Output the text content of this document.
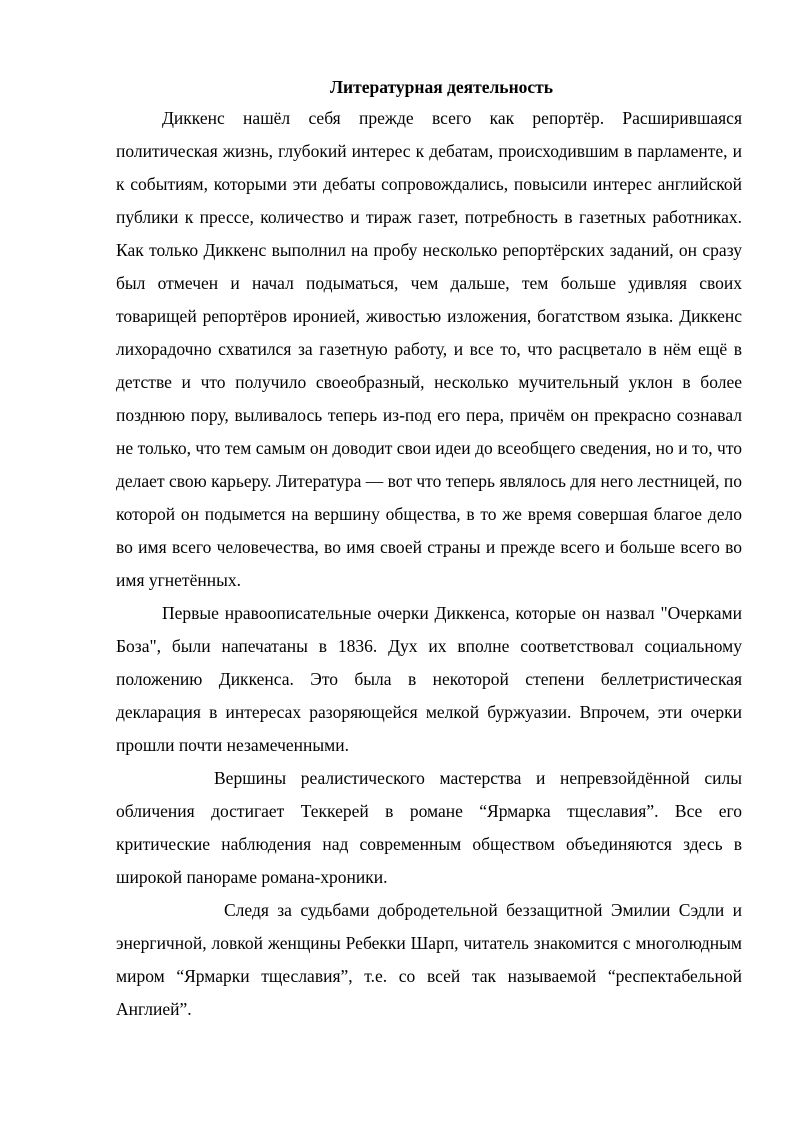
Литературная деятельность

Диккенс нашёл себя прежде всего как репортёр. Расширившаяся политическая жизнь, глубокий интерес к дебатам, происходившим в парламенте, и к событиям, которыми эти дебаты сопровождались, повысили интерес английской публики к прессе, количество и тираж газет, потребность в газетных работниках. Как только Диккенс выполнил на пробу несколько репортёрских заданий, он сразу был отмечен и начал подыматься, чем дальше, тем больше удивляя своих товарищей репортёров иронией, живостью изложения, богатством языка. Диккенс лихорадочно схватился за газетную работу, и все то, что расцветало в нём ещё в детстве и что получило своеобразный, несколько мучительный уклон в более позднюю пору, выливалось теперь из-под его пера, причём он прекрасно сознавал не только, что тем самым он доводит свои идеи до всеобщего сведения, но и то, что делает свою карьеру. Литература — вот что теперь являлось для него лестницей, по которой он подымется на вершину общества, в то же время совершая благое дело во имя всего человечества, во имя своей страны и прежде всего и больше всего во имя угнетённых.

Первые нравоописательные очерки Диккенса, которые он назвал "Очерками Боза", были напечатаны в 1836. Дух их вполне соответствовал социальному положению Диккенса. Это была в некоторой степени беллетристическая декларация в интересах разоряющейся мелкой буржуазии. Впрочем, эти очерки прошли почти незамеченными.

Вершины реалистического мастерства и непревзойдённой силы обличения достигает Теккерей в романе “Ярмарка тщеславия”. Все его критические наблюдения над современным обществом объединяются здесь в широкой панораме романа-хроники.

Следя за судьбами добродетельной беззащитной Эмилии Сэдли и энергичной, ловкой женщины Ребекки Шарп, читатель знакомится с многолюдным миром “Ярмарки тщеславия”, т.е. со всей так называемой “респектабельной Англией”.
